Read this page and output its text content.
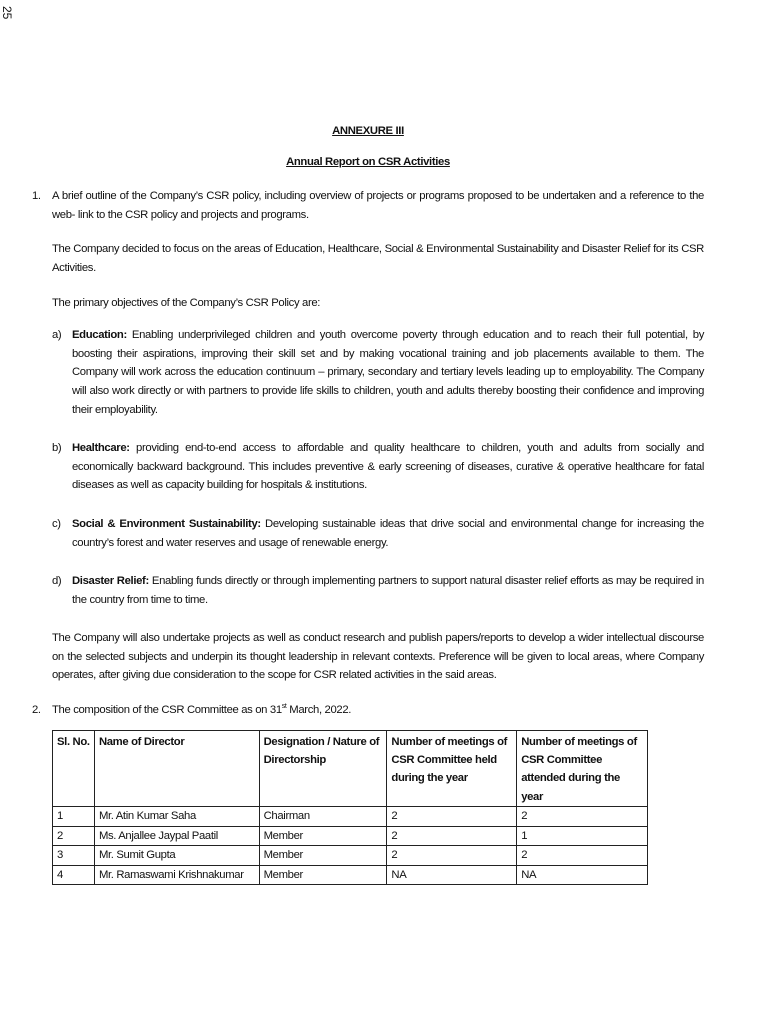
25

ANNEXURE III

Annual Report on CSR Activities

1. A brief outline of the Company’s CSR policy, including overview of projects or programs proposed to be undertaken and a reference to the web- link to the CSR policy and projects and programs.

The Company decided to focus on the areas of Education, Healthcare, Social & Environmental Sustainability and Disaster Relief for its CSR Activities.

The primary objectives of the Company’s CSR Policy are:

a) Education: Enabling underprivileged children and youth overcome poverty through education and to reach their full potential, by boosting their aspirations, improving their skill set and by making vocational training and job placements available to them. The Company will work across the education continuum – primary, secondary and tertiary levels leading up to employability. The Company will also work directly or with partners to provide life skills to children, youth and adults thereby boosting their confidence and improving their employability.
b) Healthcare: providing end-to-end access to affordable and quality healthcare to children, youth and adults from socially and economically backward background. This includes preventive & early screening of diseases, curative & operative healthcare for fatal diseases as well as capacity building for hospitals & institutions.
c) Social & Environment Sustainability: Developing sustainable ideas that drive social and environmental change for increasing the country’s forest and water reserves and usage of renewable energy.
d) Disaster Relief: Enabling funds directly or through implementing partners to support natural disaster relief efforts as may be required in the country from time to time.

The Company will also undertake projects as well as conduct research and publish papers/reports to develop a wider intellectual discourse on the selected subjects and underpin its thought leadership in relevant contexts. Preference will be given to local areas, where Company operates, after giving due consideration to the scope for CSR related activities in the said areas.

2. The composition of the CSR Committee as on 31st March, 2022.
Sl. No.	Name of Director	Designation / Nature of Directorship	Number of meetings of CSR Committee held during the year	Number of meetings of CSR Committee attended during the year
1	Mr. Atin Kumar Saha	Chairman	2	2
2	Ms. Anjallee Jaypal Paatil	Member	2	1
3	Mr. Sumit Gupta	Member	2	2
4	Mr. Ramaswami Krishnakumar	Member	NA	NA
